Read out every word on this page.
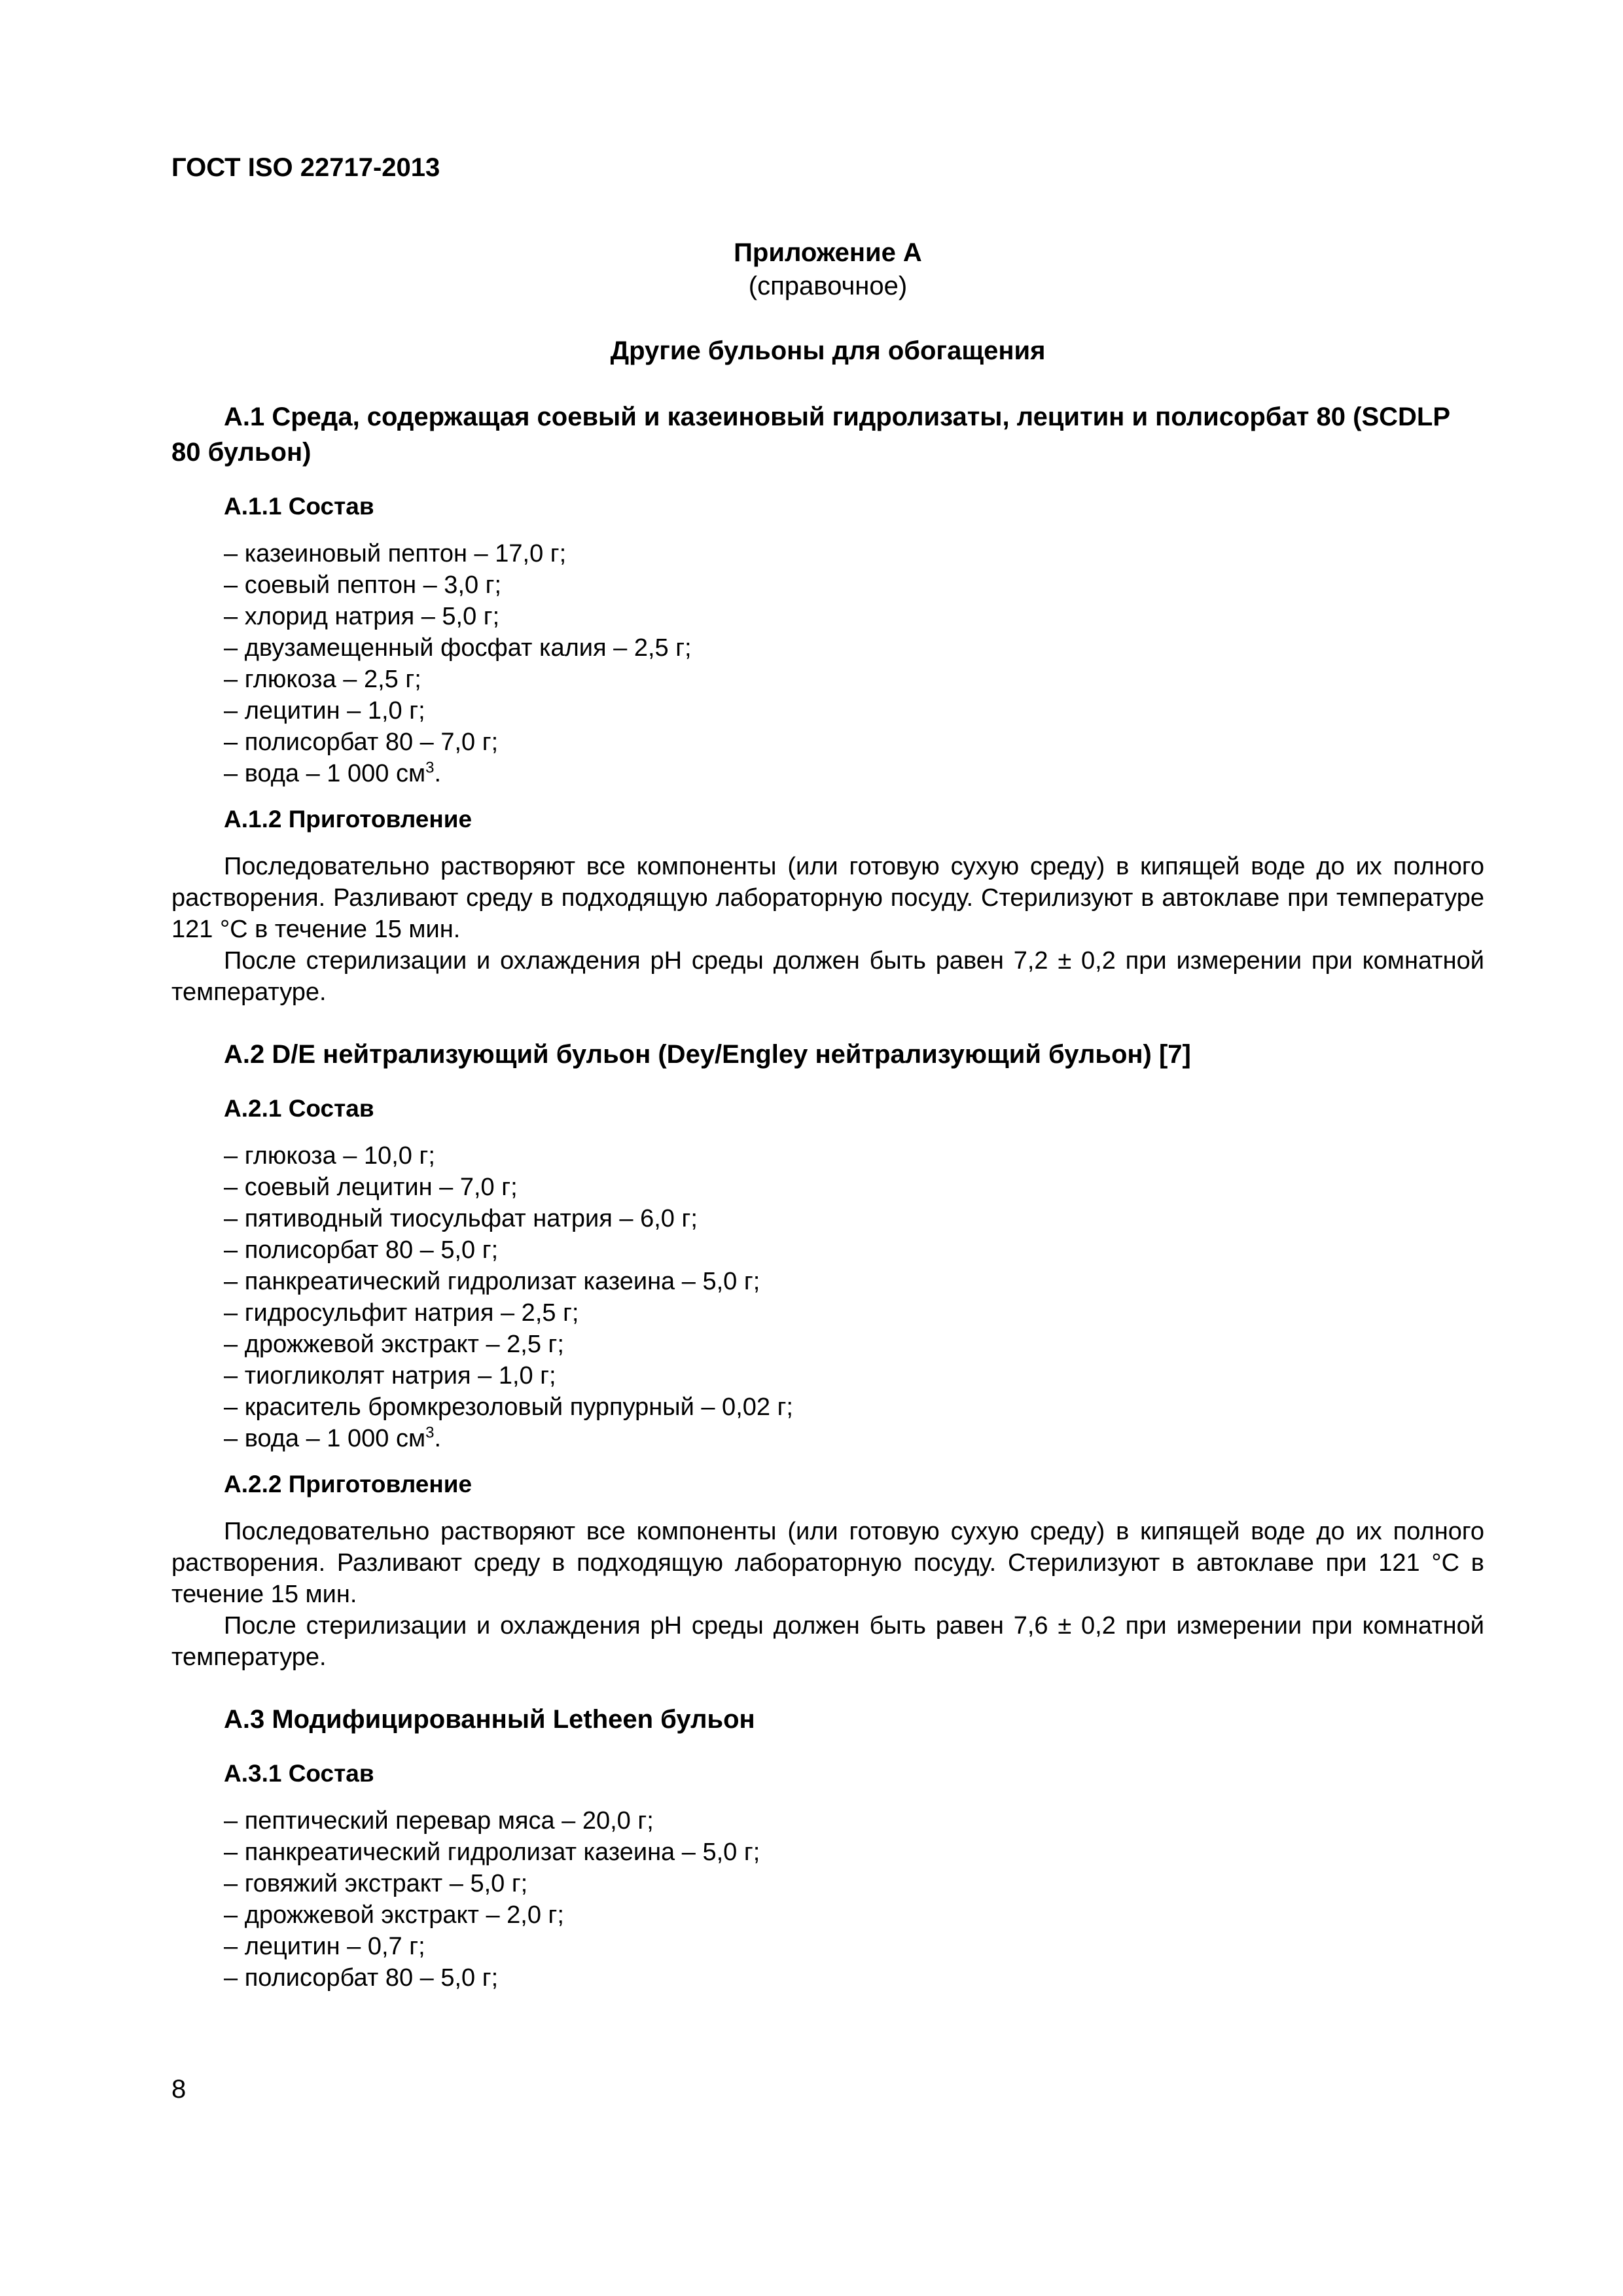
ГОСТ ISO 22717-2013
Приложение А
(справочное)
Другие бульоны для обогащения
А.1 Среда, содержащая соевый и казеиновый гидролизаты, лецитин и полисорбат 80 (SCDLP 80 бульон)
А.1.1 Состав
– казеиновый пептон – 17,0 г;
– соевый пептон – 3,0 г;
– хлорид натрия – 5,0 г;
– двузамещенный фосфат калия – 2,5 г;
– глюкоза – 2,5 г;
– лецитин – 1,0 г;
– полисорбат 80 – 7,0 г;
– вода – 1 000 $см^3$.
А.1.2 Приготовление

Последовательно растворяют все компоненты (или готовую сухую среду) в кипящей воде до их полного растворения. Разливают среду в подходящую лабораторную посуду. Стерилизуют в автоклаве при температуре 121 °С в течение 15 мин.

После стерилизации и охлаждения рН среды должен быть равен 7,2 ± 0,2 при измерении при комнатной температуре.

А.2 D/E нейтрализующий бульон (Dey/Engley нейтрализующий бульон) [7]
А.2.1 Состав
– глюкоза – 10,0 г;
– соевый лецитин – 7,0 г;
– пятиводный тиосульфат натрия – 6,0 г;
– полисорбат 80 – 5,0 г;
– панкреатический гидролизат казеина – 5,0 г;
– гидросульфит натрия – 2,5 г;
– дрожжевой экстракт – 2,5 г;
– тиогликолят натрия – 1,0 г;
– краситель бромкрезоловый пурпурный – 0,02 г;
– вода – 1 000 $см^3$.
А.2.2 Приготовление

Последовательно растворяют все компоненты (или готовую сухую среду) в кипящей воде до их полного растворения. Разливают среду в подходящую лабораторную посуду. Стерилизуют в автоклаве при 121 °С в течение 15 мин.

После стерилизации и охлаждения рН среды должен быть равен 7,6 ± 0,2 при измерении при комнатной температуре.

А.3 Модифицированный Letheen бульон
А.3.1 Состав
– пептический перевар мяса – 20,0 г;
– панкреатический гидролизат казеина – 5,0 г;
– говяжий экстракт – 5,0 г;
– дрожжевой экстракт – 2,0 г;
– лецитин – 0,7 г;
– полисорбат 80 – 5,0 г;
8
